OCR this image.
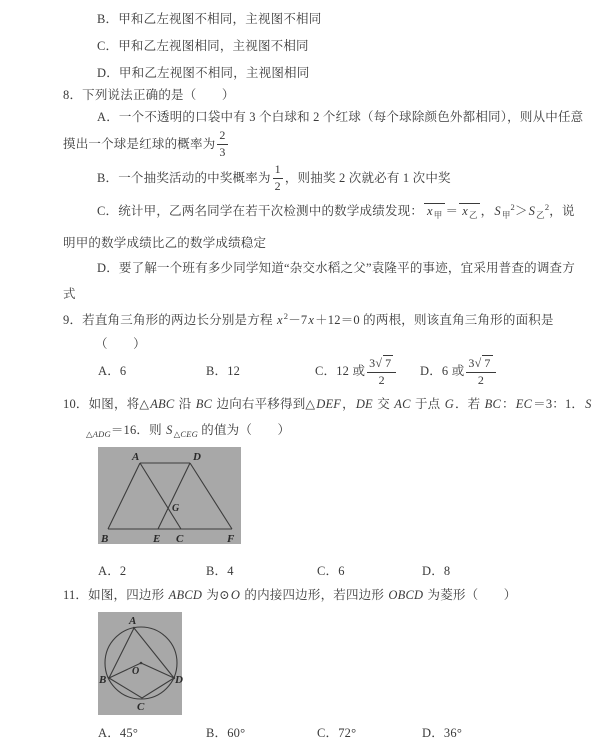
B．甲和乙左视图不相同，主视图不相同
C．甲和乙左视图相同，主视图不相同
D．甲和乙左视图不相同，主视图相同
8．下列说法正确的是（　　）
A．一个不透明的口袋中有 3 个白球和 2 个红球（每个球除颜色外都相同），则从中任意
摸出一个球是红球的概率为 $\frac{2}{3}$
B．一个抽奖活动的中奖概率为 $\frac{1}{2}$ ，则抽奖 2 次就必有 1 次中奖
C．统计甲，乙两名同学在若干次检测中的数学成绩发现： $x_甲 = x_乙$ ，$S_甲^2>S_乙^2$，说
明甲的数学成绩比乙的数学成绩稳定
D．要了解一个班有多少同学知道“杂交水稻之父”袁隆平的事迹，宜采用普查的调查方
式
9．若直角三角形的两边长分别是方程 $x^2-7x+12=0$ 的两根，则该直角三角形的面积是
（　　）
A．6	B．12	C．12 或 $\frac{3√ 7}{2}$ D．6 或 $\frac{3√ 7}{2}$
10．如图，将△ABC 沿 BC 边向右平移得到△DEF，DE 交 AC 于点 G．若 BC：EC＝3：1．S
$_{\triangle ADG}$＝16．则 $S_{\triangle CEG}$ 的值为（　　）
A	D
B	E C	F
G
A．2	B．4	C．6	D．8
11．如图，四边形 ABCD 为⊙O 的内接四边形，若四边形 OBCD 为菱形（　　）
A
B	D
C
O
A．45°	B．60°	C．72°	D．36°
